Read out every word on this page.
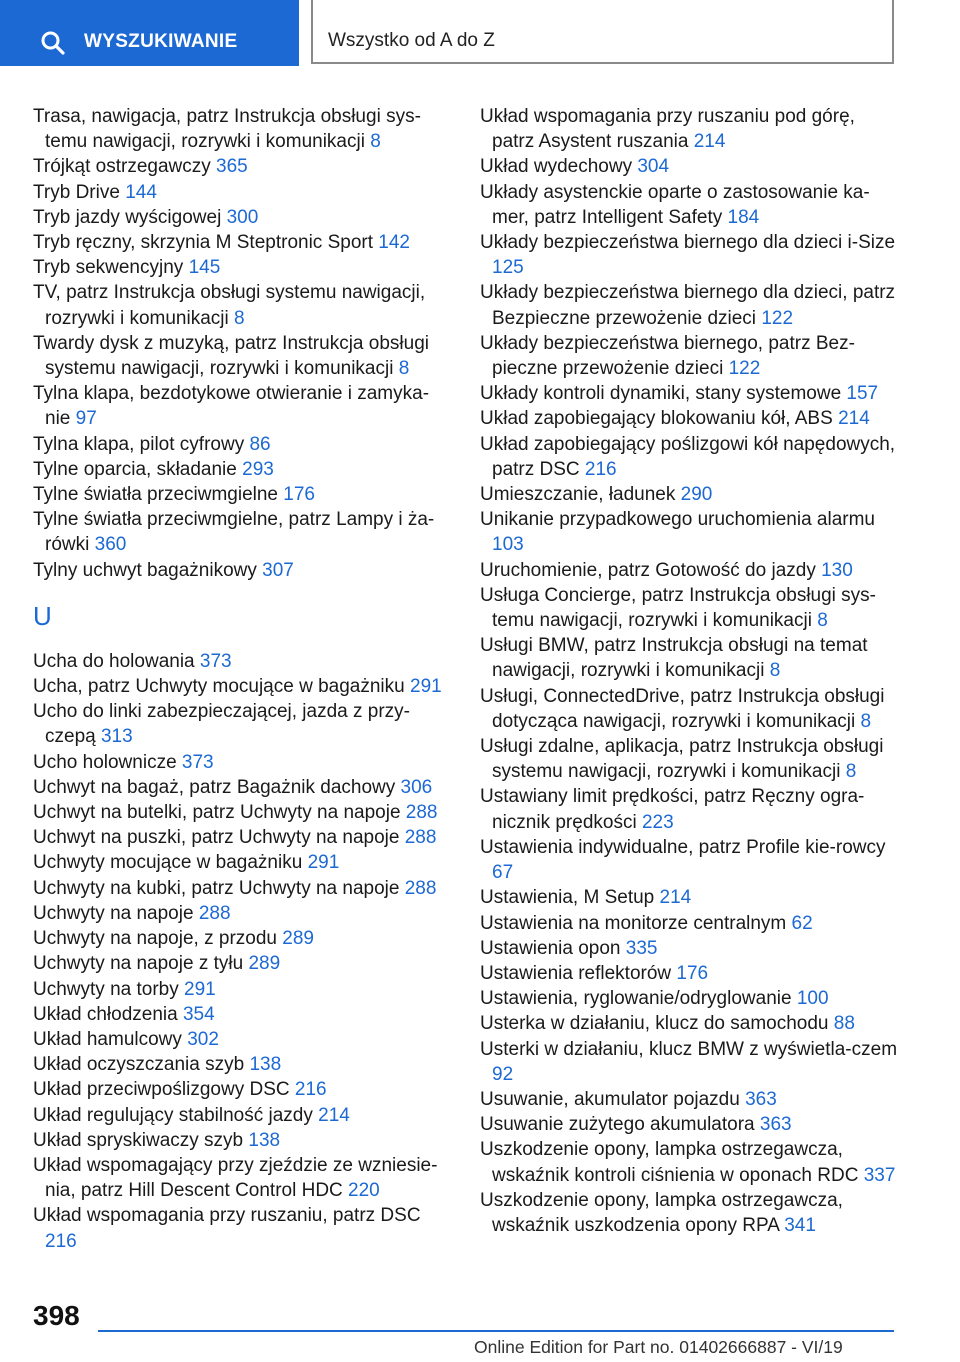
WYSZUKIWANIE	Wszystko od A do Z
Trasa, nawigacja, patrz Instrukcja obsługi sys-temu nawigacji, rozrywki i komunikacji 8
Trójkąt ostrzegawczy 365
Tryb Drive 144
Tryb jazdy wyścigowej 300
Tryb ręczny, skrzynia M Steptronic Sport 142
Tryb sekwencyjny 145
TV, patrz Instrukcja obsługi systemu nawigacji, rozrywki i komunikacji 8
Twardy dysk z muzyką, patrz Instrukcja obsługi systemu nawigacji, rozrywki i komunikacji 8
Tylna klapa, bezdotykowe otwieranie i zamyka-nie 97
Tylna klapa, pilot cyfrowy 86
Tylne oparcia, składanie 293
Tylne światła przeciwmgielne 176
Tylne światła przeciwmgielne, patrz Lampy i ża-rówki 360
Tylny uchwyt bagażnikowy 307
U
Ucha do holowania 373
Ucha, patrz Uchwyty mocujące w bagażniku 291
Ucho do linki zabezpieczającej, jazda z przy-czepą 313
Ucho holownicze 373
Uchwyt na bagaż, patrz Bagażnik dachowy 306
Uchwyt na butelki, patrz Uchwyty na napoje 288
Uchwyt na puszki, patrz Uchwyty na napoje 288
Uchwyty mocujące w bagażniku 291
Uchwyty na kubki, patrz Uchwyty na napoje 288
Uchwyty na napoje 288
Uchwyty na napoje, z przodu 289
Uchwyty na napoje z tyłu 289
Uchwyty na torby 291
Układ chłodzenia 354
Układ hamulcowy 302
Układ oczyszczania szyb 138
Układ przeciwpoślizgowy DSC 216
Układ regulujący stabilność jazdy 214
Układ spryskiwaczy szyb 138
Układ wspomagający przy zjeździe ze wzniesie-nia, patrz Hill Descent Control HDC 220
Układ wspomagania przy ruszaniu, patrz DSC 216
Układ wspomagania przy ruszaniu pod górę, patrz Asystent ruszania 214
Układ wydechowy 304
Układy asystenckie oparte o zastosowanie ka-mer, patrz Intelligent Safety 184
Układy bezpieczeństwa biernego dla dzieci i-Size 125
Układy bezpieczeństwa biernego dla dzieci, patrz Bezpieczne przewożenie dzieci 122
Układy bezpieczeństwa biernego, patrz Bez-pieczne przewożenie dzieci 122
Układy kontroli dynamiki, stany systemowe 157
Układ zapobiegający blokowaniu kół, ABS 214
Układ zapobiegający poślizgowi kół napędowych, patrz DSC 216
Umieszczanie, ładunek 290
Unikanie przypadkowego uruchomienia alarmu 103
Uruchomienie, patrz Gotowość do jazdy 130
Usługa Concierge, patrz Instrukcja obsługi sys-temu nawigacji, rozrywki i komunikacji 8
Usługi BMW, patrz Instrukcja obsługi na temat nawigacji, rozrywki i komunikacji 8
Usługi, ConnectedDrive, patrz Instrukcja obsługi dotycząca nawigacji, rozrywki i komunikacji 8
Usługi zdalne, aplikacja, patrz Instrukcja obsługi systemu nawigacji, rozrywki i komunikacji 8
Ustawiany limit prędkości, patrz Ręczny ogra-nicznik prędkości 223
Ustawienia indywidualne, patrz Profile kie-rowcy 67
Ustawienia, M Setup 214
Ustawienia na monitorze centralnym 62
Ustawienia opon 335
Ustawienia reflektorów 176
Ustawienia, ryglowanie/odryglowanie 100
Usterka w działaniu, klucz do samochodu 88
Usterki w działaniu, klucz BMW z wyświetla-czem 92
Usuwanie, akumulator pojazdu 363
Usuwanie zużytego akumulatora 363
Uszkodzenie opony, lampka ostrzegawcza, wskaźnik kontroli ciśnienia w oponach RDC 337
Uszkodzenie opony, lampka ostrzegawcza, wskaźnik uszkodzenia opony RPA 341
398
Online Edition for Part no. 01402666887 - VI/19
